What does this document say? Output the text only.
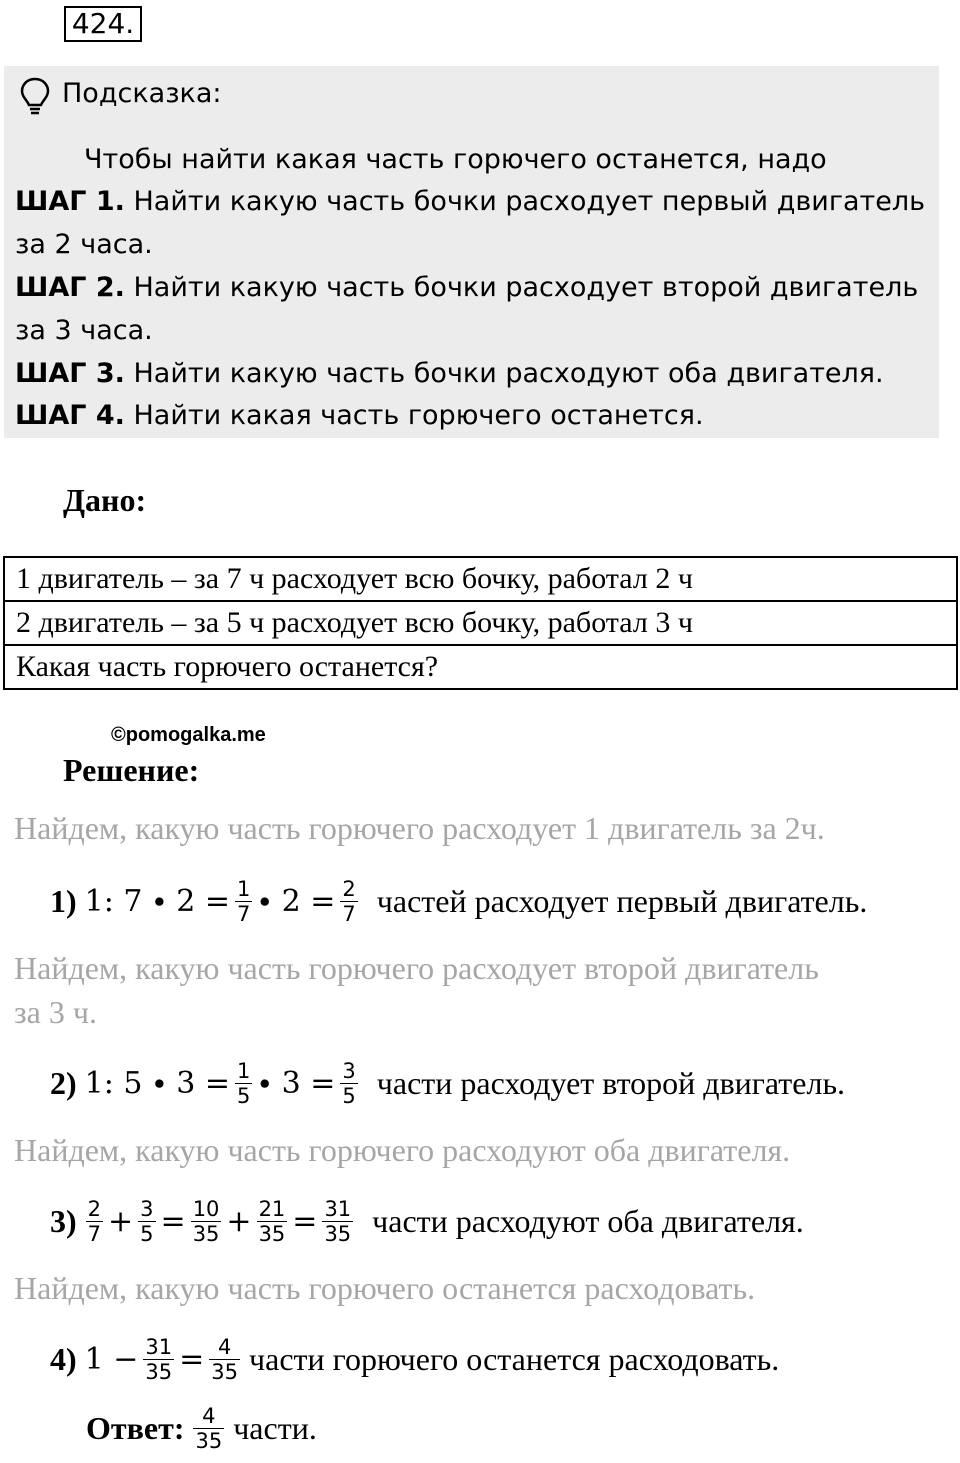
424.
Подсказка:
Чтобы найти какая часть горючего останется, надо
ШАГ 1. Найти какую часть бочки расходует первый двигатель
за 2 часа.
ШАГ 2. Найти какую часть бочки расходует второй двигатель
за 3 часа.
ШАГ 3. Найти какую часть бочки расходуют оба двигателя.
ШАГ 4. Найти какая часть горючего останется.
Дано:
1 двигатель – за 7 ч расходует всю бочку, работал 2 ч
2 двигатель – за 5 ч расходует всю бочку, работал 3 ч
Какая часть горючего останется?
©pomogalka.me
Решение:
Найдем, какую часть горючего расходует 1 двигатель за 2ч.
1) 1: $7 \cdot 2 = \frac{1}{7} \cdot 2 = \frac{2}{7}$ частей расходует первый двигатель.
Найдем, какую часть горючего расходует второй двигатель
за 3 ч.
2) 1: $5 \cdot 3 = \frac{1}{5} \cdot 3 = \frac{3}{5}$ части расходует второй двигатель.
Найдем, какую часть горючего расходуют оба двигателя.
$3) \frac{2}{7} + \frac{3}{5} = \frac{10}{35} + \frac{21}{35} = \frac{31}{35}$ части расходуют оба двигателя.
Найдем, какую часть горючего останется расходовать.
4) $1 - \frac{31}{35} = \frac{4}{35}$ части горючего останется расходовать.
Ответ: $\frac{4}{35}$ части.
